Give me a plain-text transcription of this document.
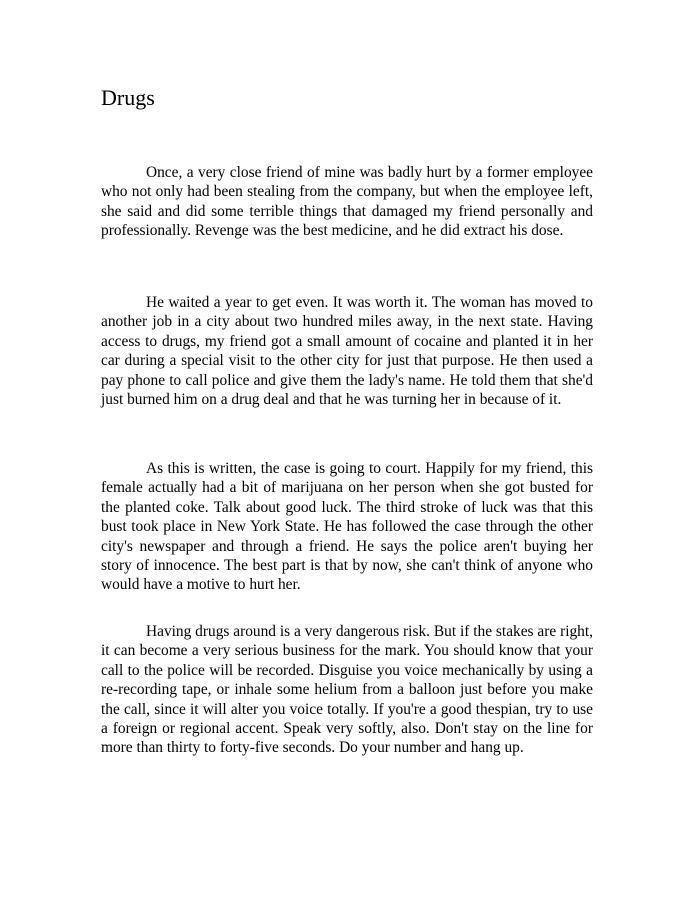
Drugs

Once, a very close friend of mine was badly hurt by a former employee who not only had been stealing from the company, but when the employee left, she said and did some terrible things that damaged my friend personally and professionally. Revenge was the best medicine, and he did extract his dose.

He waited a year to get even. It was worth it. The woman has moved to another job in a city about two hundred miles away, in the next state. Having access to drugs, my friend got a small amount of cocaine and planted it in her car during a special visit to the other city for just that purpose. He then used a pay phone to call police and give them the lady's name. He told them that she'd just burned him on a drug deal and that he was turning her in because of it.

As this is written, the case is going to court. Happily for my friend, this female actually had a bit of marijuana on her person when she got busted for the planted coke. Talk about good luck. The third stroke of luck was that this bust took place in New York State. He has followed the case through the other city's newspaper and through a friend. He says the police aren't buying her story of innocence. The best part is that by now, she can't think of anyone who would have a motive to hurt her.

Having drugs around is a very dangerous risk. But if the stakes are right, it can become a very serious business for the mark. You should know that your call to the police will be recorded. Disguise you voice mechanically by using a re-recording tape, or inhale some helium from a balloon just before you make the call, since it will alter you voice totally. If you're a good thespian, try to use a foreign or regional accent. Speak very softly, also. Don't stay on the line for more than thirty to forty-five seconds. Do your number and hang up.
